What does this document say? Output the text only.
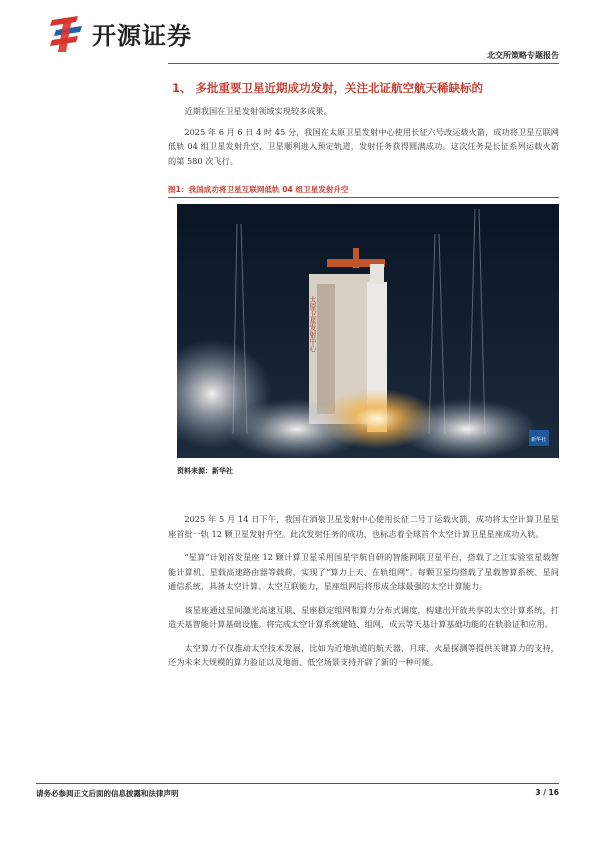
开源证券
北交所策略专题报告
1、 多批重要卫星近期成功发射，关注北证航空航天稀缺标的

近期我国在卫星发射领域实现较多成果。

2025 年 6 月 6 日 4 时 45 分，我国在太原卫星发射中心使用长征六号改运载火箭，成功将卫星互联网低轨 04 组卫星发射升空，卫星顺利进入预定轨道，发射任务获得圆满成功。这次任务是长征系列运载火箭的第 580 次飞行。

图1：我国成功将卫星互联网低轨 04 组卫星发射升空
太原卫星发射中心
新华社
资料来源：新华社

2025 年 5 月 14 日下午，我国在酒泉卫星发射中心使用长征二号丁运载火箭，成功将太空计算卫星星座首批一轨 12 颗卫星发射升空。此次发射任务的成功，也标志着全球首个太空计算卫星星座成功入轨。

“星算”计划首发星座 12 颗计算卫星采用国星宇航自研的智能网联卫星平台，搭载了之江实验室星载智能计算机、星载高速路由器等载荷，实现了“算力上天、在轨组网”。每颗卫星均搭载了星载智算系统、星间通信系统，具备太空计算、太空互联能力，星座组网后将形成全球最强的太空计算能力。

该星座通过星间激光高速互联、星座稳定组网和算力分布式调度，构建出开放共享的太空计算系统，打造天基智能计算基础设施。将完成太空计算系统建链、组网、成云等天基计算基础功能的在轨验证和应用。

太空算力不仅推动太空技术发展，比如为近地轨道的航天器、月球、火星探测等提供关键算力的支持，还为未来大规模的算力验证以及地面、低空场景支持开辟了新的一种可能。

请务必参阅正文后面的信息披露和法律声明	3 / 16
